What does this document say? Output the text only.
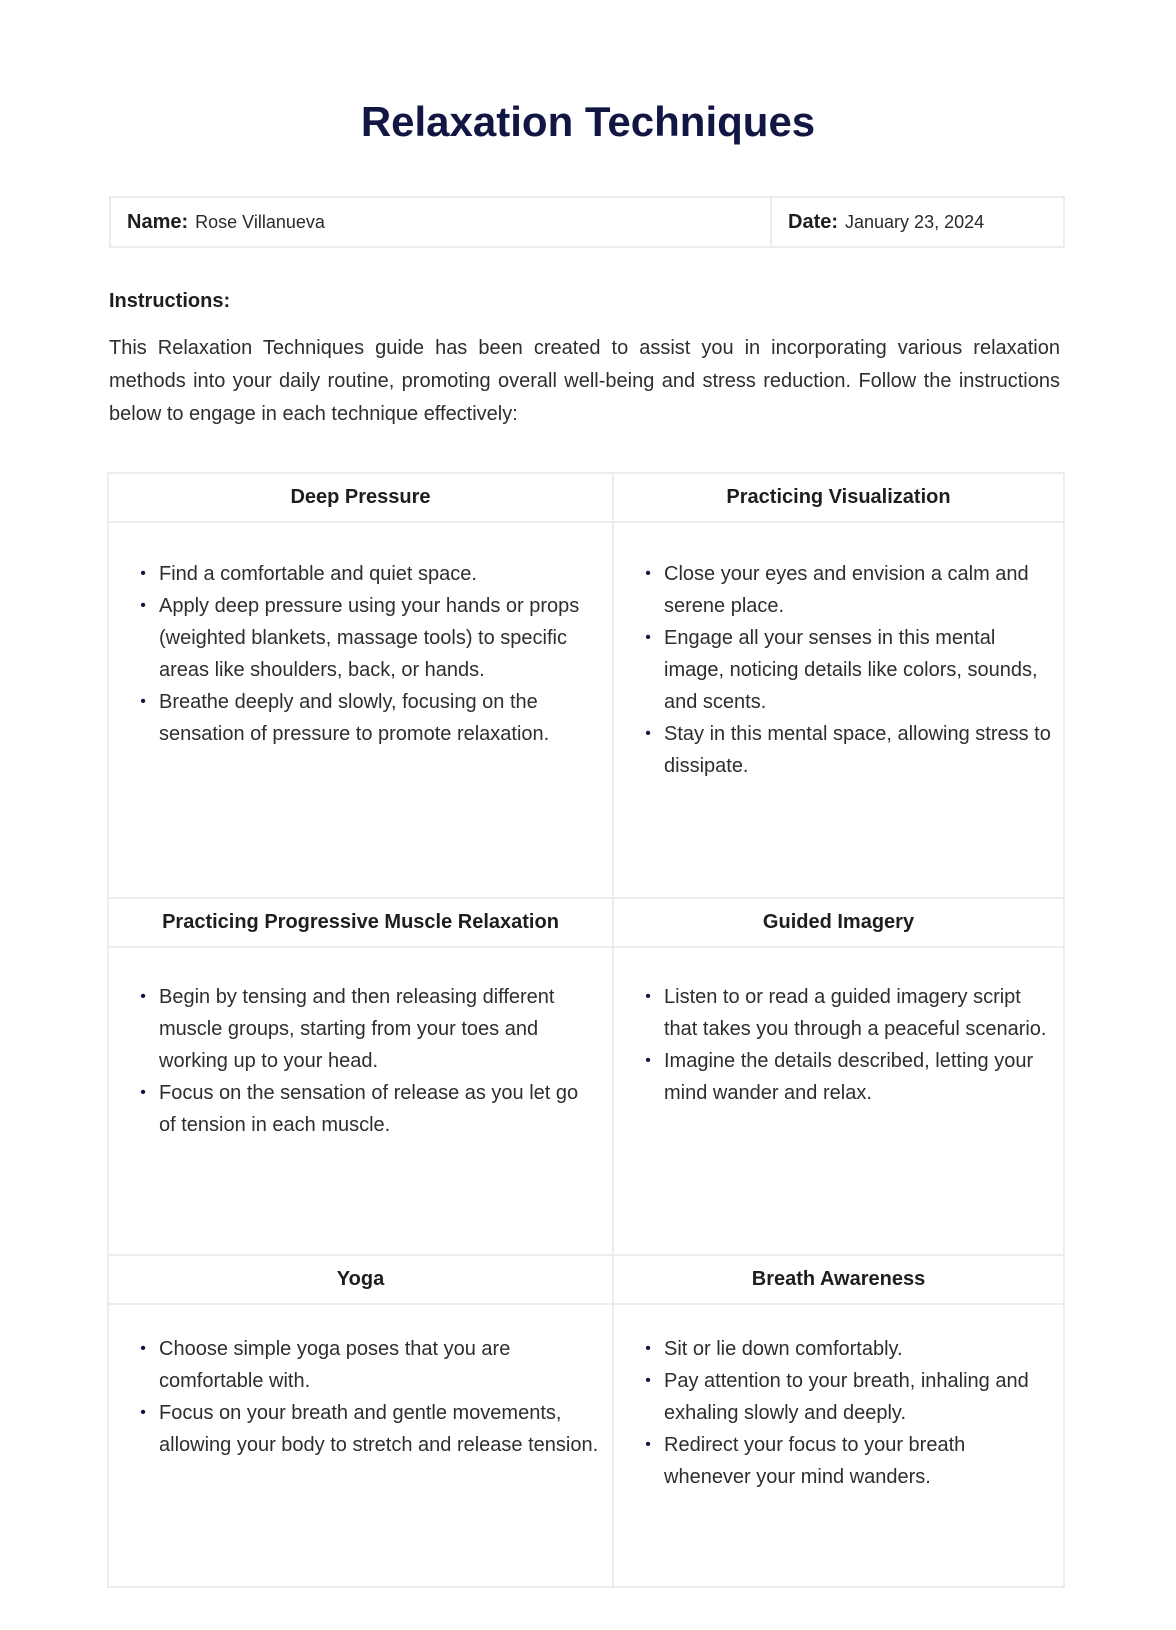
Relaxation Techniques
Name: Rose Villanueva	Date: January 23, 2024
Instructions:

This Relaxation Techniques guide has been created to assist you in incorporating various relaxation methods into your daily routine, promoting overall well-being and stress reduction. Follow the instructions below to engage in each technique effectively:

Deep Pressure	Practicing Visualization

• Find a comfortable and quiet space.
• Apply deep pressure using your hands or props (weighted blankets, massage tools) to specific areas like shoulders, back, or hands.
• Breathe deeply and slowly, focusing on the sensation of pressure to promote relaxation.

• Close your eyes and envision a calm and serene place.
• Engage all your senses in this mental image, noticing details like colors, sounds, and scents.
• Stay in this mental space, allowing stress to dissipate.

Practicing Progressive Muscle Relaxation	Guided Imagery

• Begin by tensing and then releasing different muscle groups, starting from your toes and working up to your head.
• Focus on the sensation of release as you let go of tension in each muscle.

• Listen to or read a guided imagery script that takes you through a peaceful scenario.
• Imagine the details described, letting your mind wander and relax.

Yoga	Breath Awareness

• Choose simple yoga poses that you are comfortable with.
• Focus on your breath and gentle movements, allowing your body to stretch and release tension.

• Sit or lie down comfortably.
• Pay attention to your breath, inhaling and exhaling slowly and deeply.
• Redirect your focus to your breath whenever your mind wanders.
